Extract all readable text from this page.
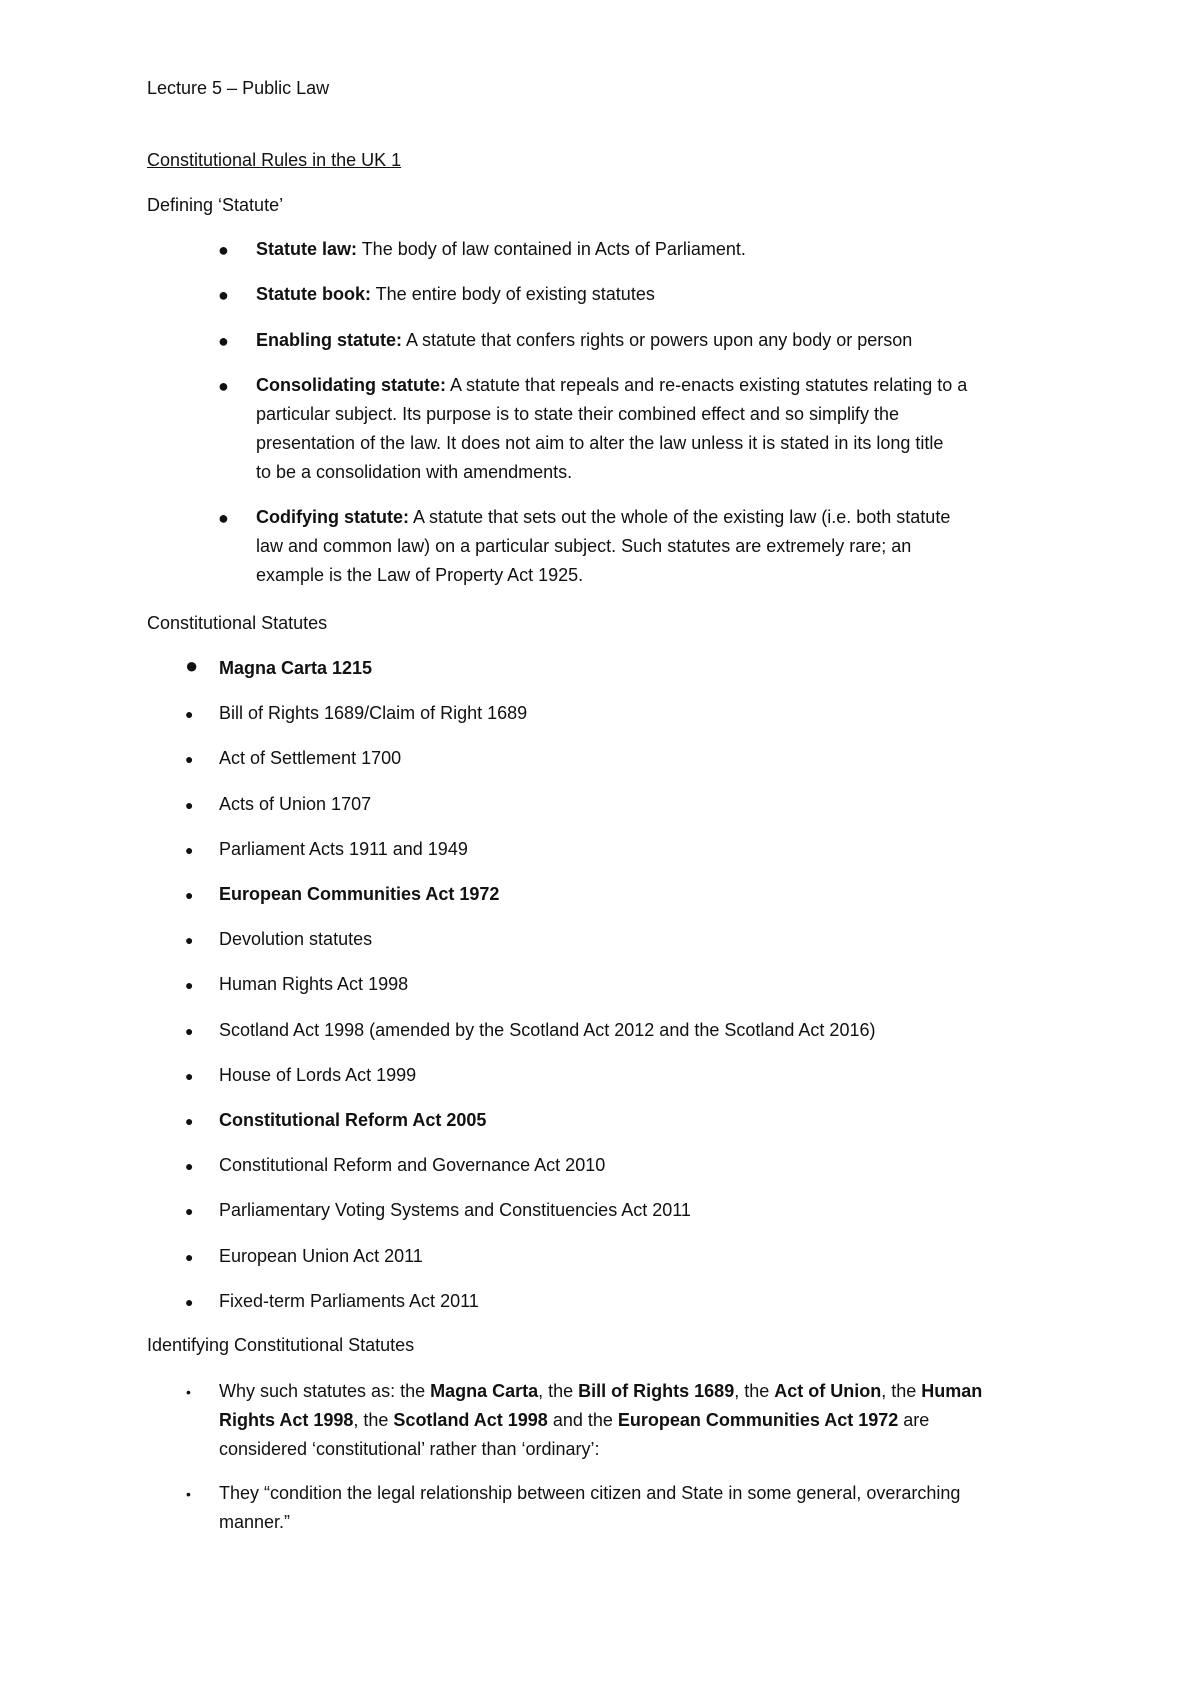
Lecture 5 – Public Law
Constitutional Rules in the UK 1
Defining ‘Statute’
● Statute law: The body of law contained in Acts of Parliament.
● Statute book: The entire body of existing statutes
● Enabling statute: A statute that confers rights or powers upon any body or person
● Consolidating statute: A statute that repeals and re-enacts existing statutes relating to a
particular subject. Its purpose is to state their combined effect and so simplify the
presentation of the law. It does not aim to alter the law unless it is stated in its long title
to be a consolidation with amendments.
● Codifying statute: A statute that sets out the whole of the existing law (i.e. both statute
law and common law) on a particular subject. Such statutes are extremely rare; an
example is the Law of Property Act 1925.
Constitutional Statutes
● Magna Carta 1215
● Bill of Rights 1689/Claim of Right 1689
● Act of Settlement 1700
● Acts of Union 1707
● Parliament Acts 1911 and 1949
● European Communities Act 1972
● Devolution statutes
● Human Rights Act 1998
● Scotland Act 1998 (amended by the Scotland Act 2012 and the Scotland Act 2016)
● House of Lords Act 1999
● Constitutional Reform Act 2005
● Constitutional Reform and Governance Act 2010
● Parliamentary Voting Systems and Constituencies Act 2011
● European Union Act 2011
● Fixed-term Parliaments Act 2011
Identifying Constitutional Statutes
• Why such statutes as: the Magna Carta, the Bill of Rights 1689, the Act of Union, the Human
Rights Act 1998, the Scotland Act 1998 and the European Communities Act 1972 are
considered ‘constitutional’ rather than ‘ordinary’:
• They “condition the legal relationship between citizen and State in some general, overarching
manner.”
